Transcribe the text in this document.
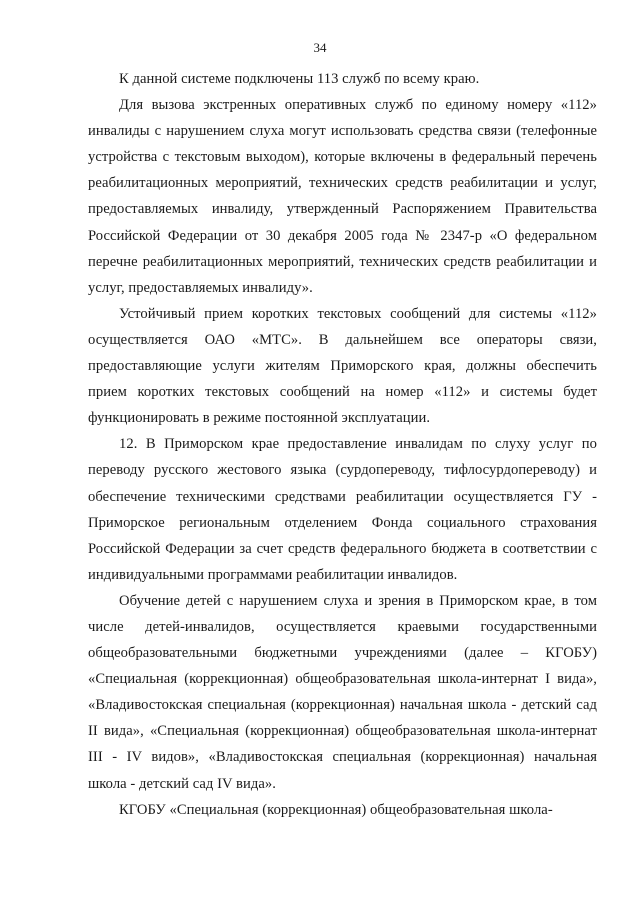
34

К данной системе подключены 113 служб по всему краю.

Для вызова экстренных оперативных служб по единому номеру «112» инвалиды с нарушением слуха могут использовать средства связи (телефонные устройства с текстовым выходом), которые включены в федеральный перечень реабилитационных мероприятий, технических средств реабилитации и услуг, предоставляемых инвалиду, утвержденный Распоряжением Правительства Российской Федерации от 30 декабря 2005 года № 2347-р «О федеральном перечне реабилитационных мероприятий, технических средств реабилитации и услуг, предоставляемых инвалиду».

Устойчивый прием коротких текстовых сообщений для системы «112» осуществляется ОАО «МТС». В дальнейшем все операторы связи, предоставляющие услуги жителям Приморского края, должны обеспечить прием коротких текстовых сообщений на номер «112» и системы будет функционировать в режиме постоянной эксплуатации.

12. В Приморском крае предоставление инвалидам по слуху услуг по переводу русского жестового языка (сурдопереводу, тифлосурдопереводу) и обеспечение техническими средствами реабилитации осуществляется ГУ - Приморское региональным отделением Фонда социального страхования Российской Федерации за счет средств федерального бюджета в соответствии с индивидуальными программами реабилитации инвалидов.

Обучение детей с нарушением слуха и зрения в Приморском крае, в том числе детей-инвалидов, осуществляется краевыми государственными общеобразовательными бюджетными учреждениями (далее – КГОБУ) «Специальная (коррекционная) общеобразовательная школа-интернат I вида», «Владивостокская специальная (коррекционная) начальная школа - детский сад II вида», «Специальная (коррекционная) общеобразовательная школа-интернат III - IV видов», «Владивостокская специальная (коррекционная) начальная школа - детский сад IV вида».

КГОБУ «Специальная (коррекционная) общеобразовательная школа-
